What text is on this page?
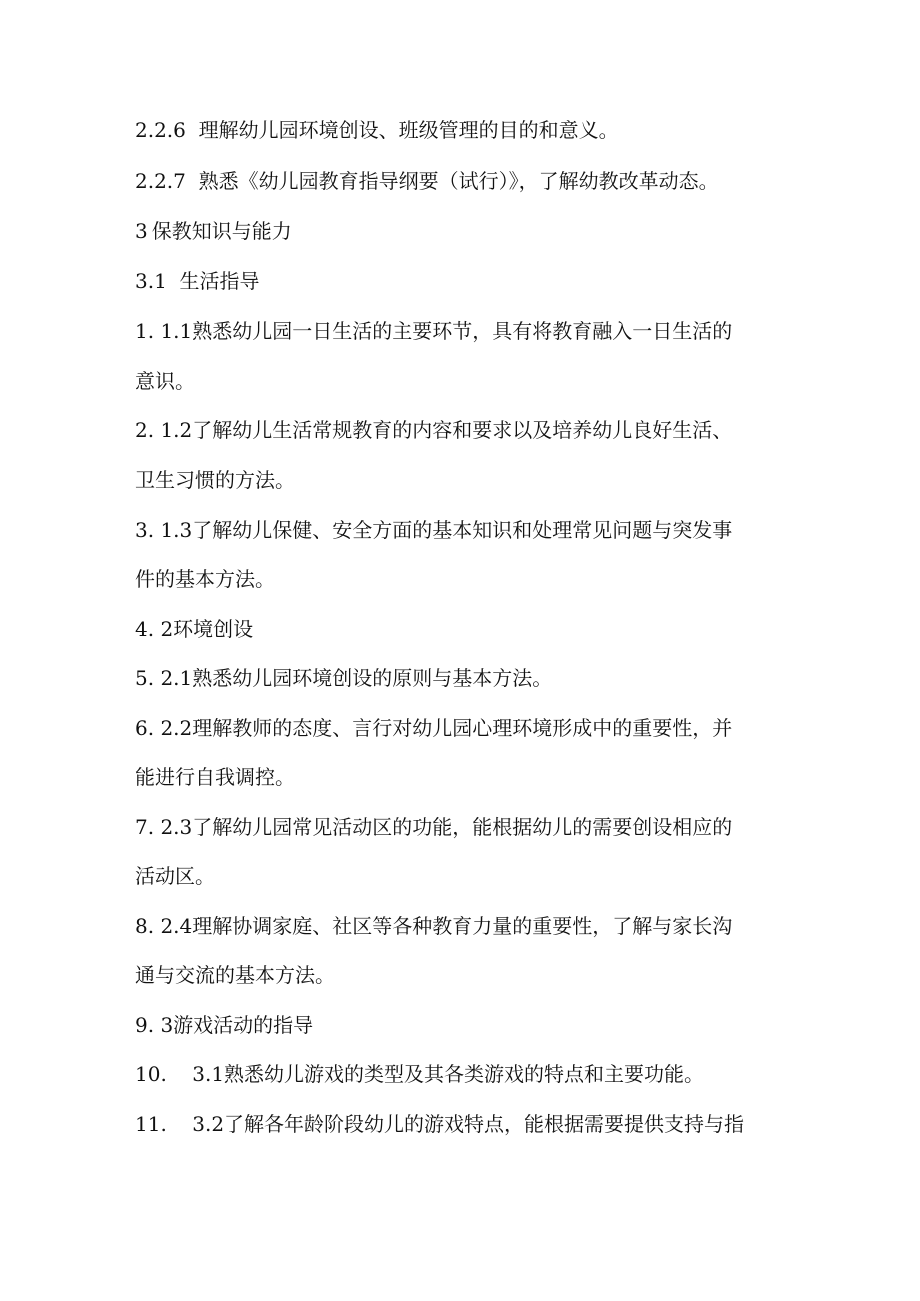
2.2.6 理解幼儿园环境创设、班级管理的目的和意义。
2.2.7 熟悉《幼儿园教育指导纲要（试行）》，了解幼教改革动态。
3 保教知识与能力
3.1 生活指导
1. 1.1熟悉幼儿园一日生活的主要环节，具有将教育融入一日生活的
意识。
2. 1.2了解幼儿生活常规教育的内容和要求以及培养幼儿良好生活、
卫生习惯的方法。
3. 1.3了解幼儿保健、安全方面的基本知识和处理常见问题与突发事
件的基本方法。
4. 2环境创设
5. 2.1熟悉幼儿园环境创设的原则与基本方法。
6. 2.2理解教师的态度、言行对幼儿园心理环境形成中的重要性，并
能进行自我调控。
7. 2.3了解幼儿园常见活动区的功能，能根据幼儿的需要创设相应的
活动区。
8. 2.4理解协调家庭、社区等各种教育力量的重要性，了解与家长沟
通与交流的基本方法。
9. 3游戏活动的指导
10.    3.1熟悉幼儿游戏的类型及其各类游戏的特点和主要功能。
11.    3.2了解各年龄阶段幼儿的游戏特点，能根据需要提供支持与指
